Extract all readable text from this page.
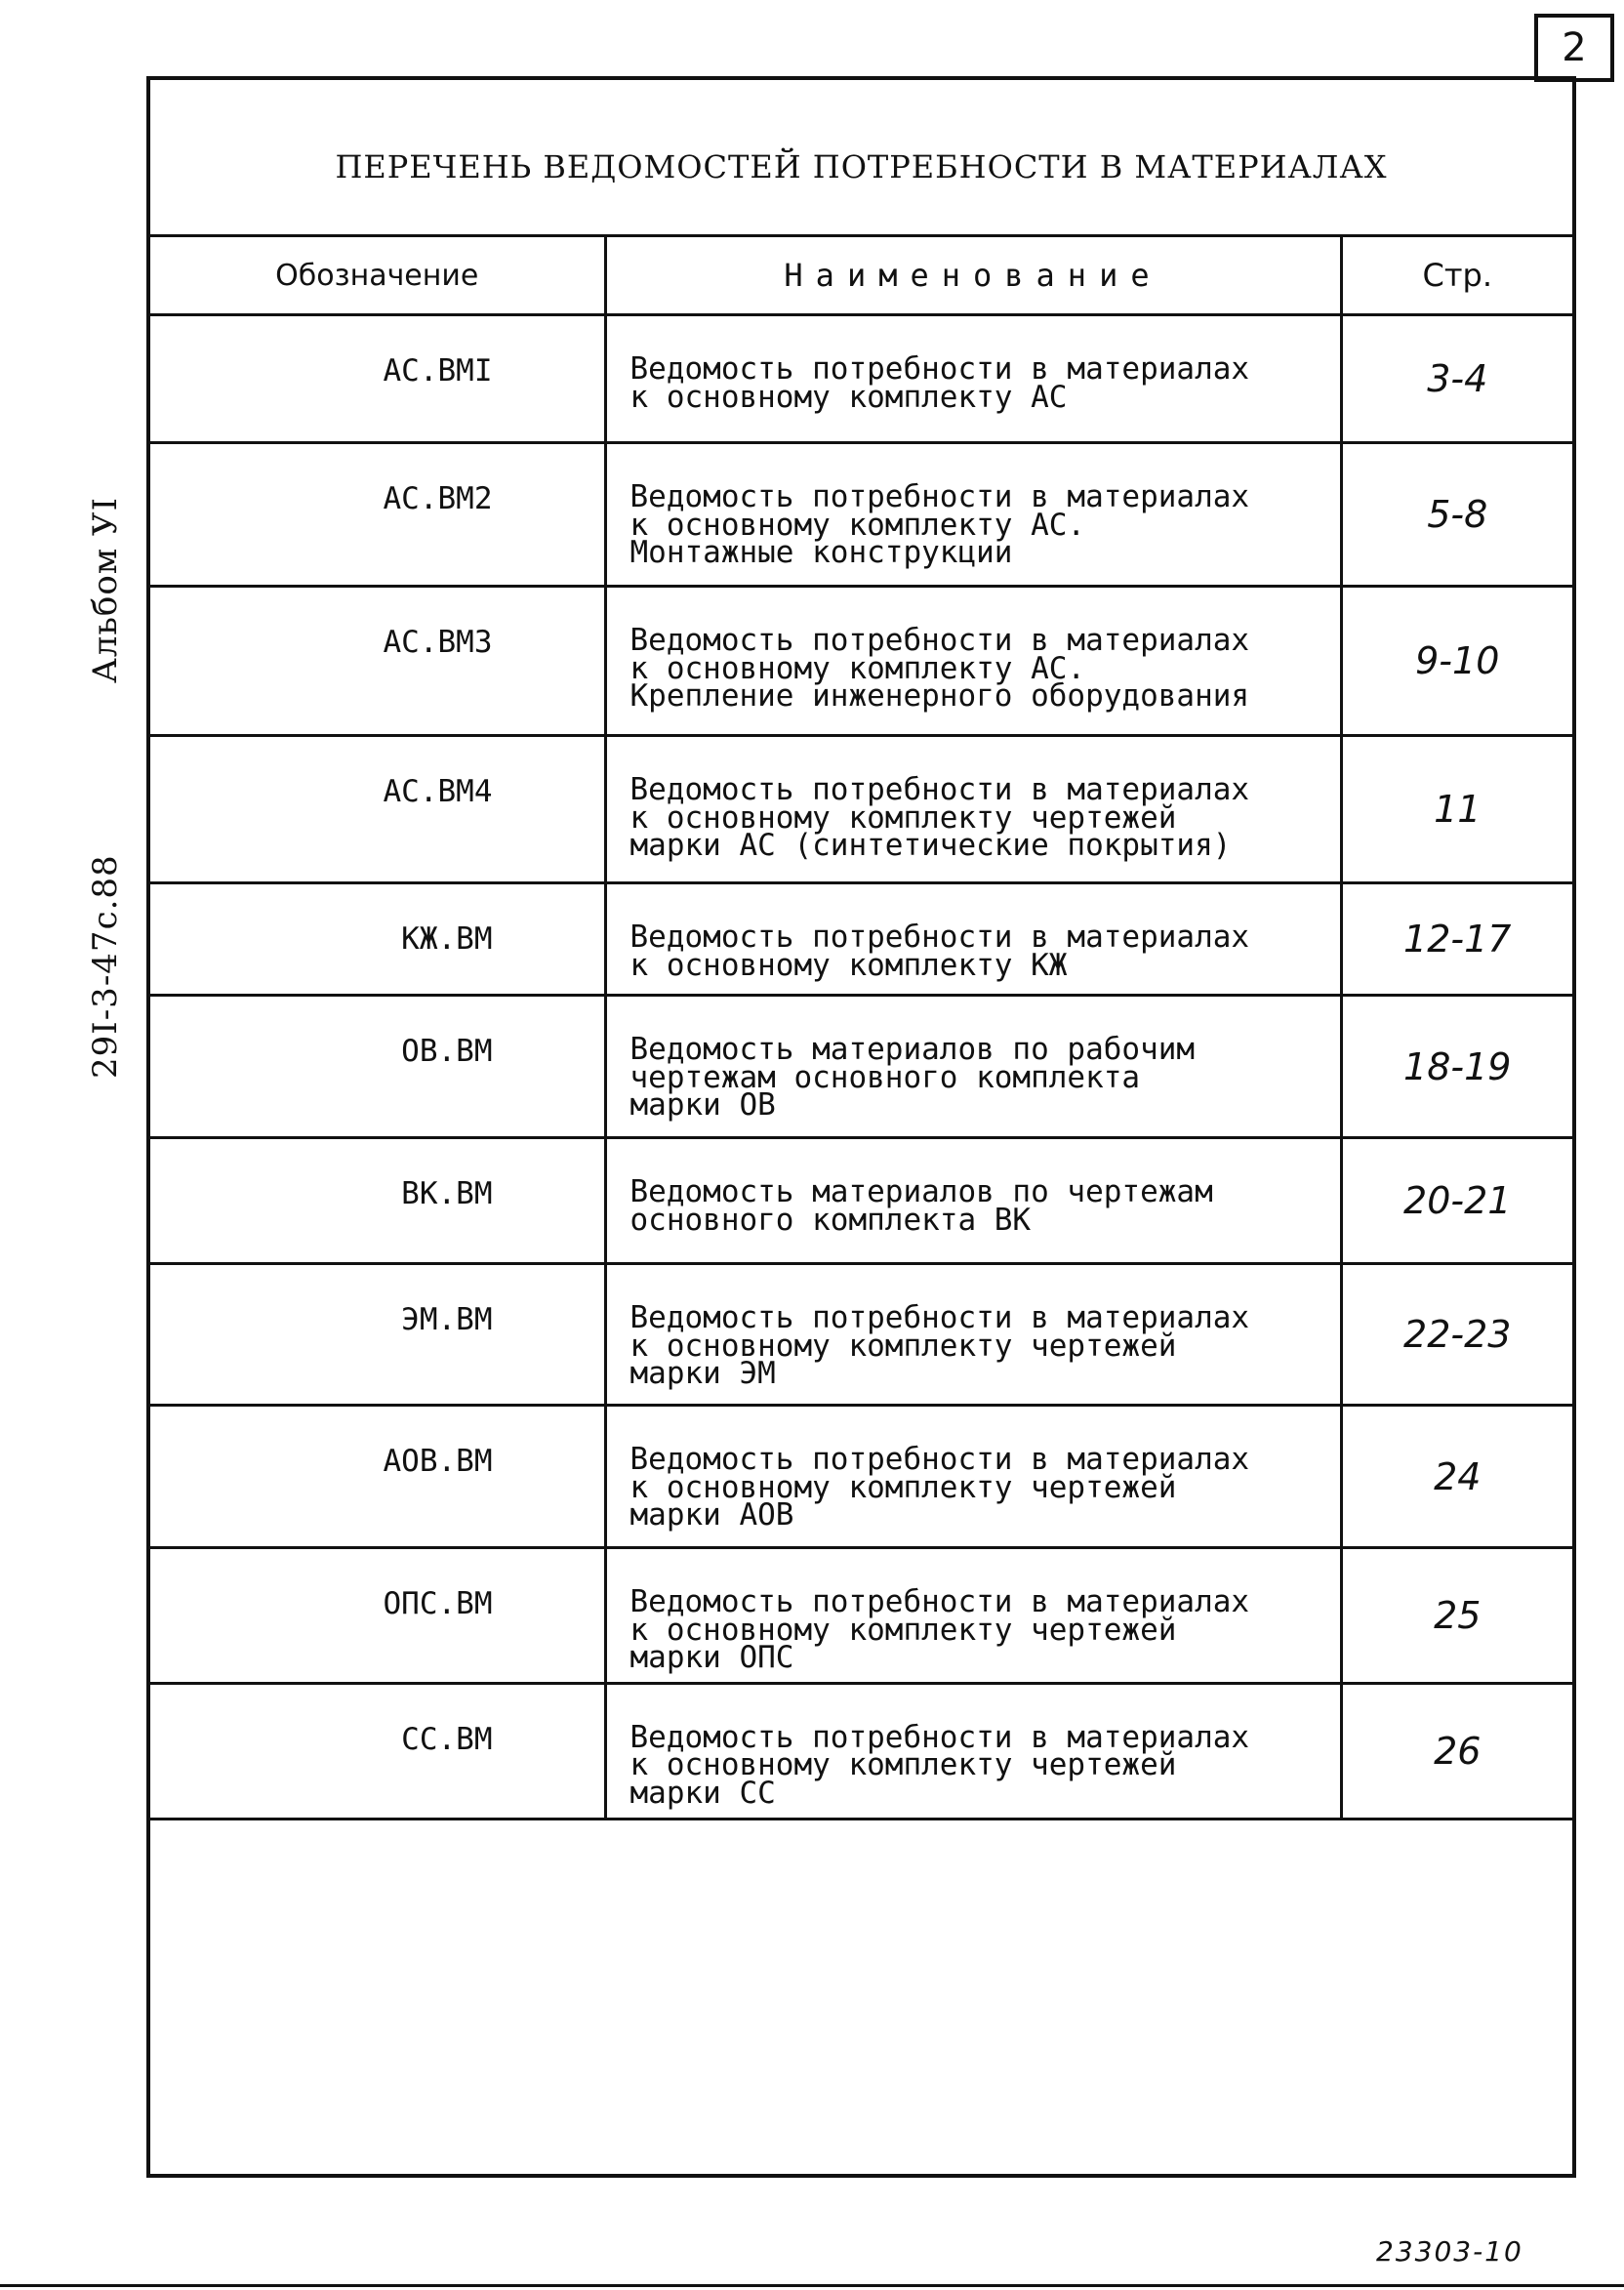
2
Альбом УI
29I-3-47с.88
ПЕРЕЧЕНЬ ВЕДОМОСТЕЙ ПОТРЕБНОСТИ В МАТЕРИАЛАХ
Обозначение	Наименование	Стр.
АС.ВМI	Ведомость потребности в материалах
к основному комплекту АС	3-4
АС.ВМ2	Ведомость потребности в материалах
к основному комплекту АС.
Монтажные конструкции	5-8
АС.ВМ3	Ведомость потребности в материалах
к основному комплекту АС.
Крепление инженерного оборудования	9-10
АС.ВМ4	Ведомость потребности в материалах
к основному комплекту чертежей
марки АС (синтетические покрытия)	11
КЖ.ВМ	Ведомость потребности в материалах
к основному комплекту КЖ	12-17
ОВ.ВМ	Ведомость материалов по рабочим
чертежам основного комплекта
марки ОВ	18-19
ВК.ВМ	Ведомость материалов по чертежам
основного комплекта ВК	20-21
ЭМ.ВМ	Ведомость потребности в материалах
к основному комплекту чертежей
марки ЭМ	22-23
АОВ.ВМ	Ведомость потребности в материалах
к основному комплекту чертежей
марки АОВ	24
ОПС.ВМ	Ведомость потребности в материалах
к основному комплекту чертежей
марки ОПС	25
СС.ВМ	Ведомость потребности в материалах
к основному комплекту чертежей
марки СС	26
23303-10
